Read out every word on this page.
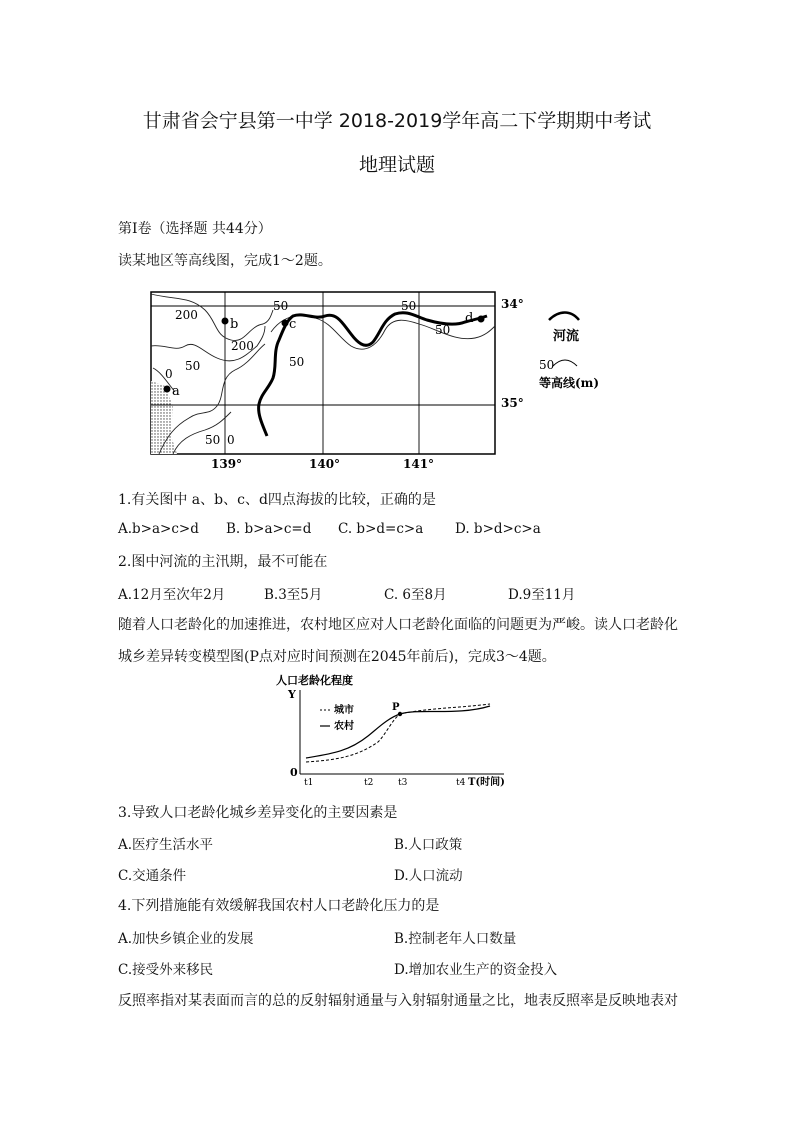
甘肃省会宁县第一中学 2018-2019学年高二下学期期中考试
地理试题
第Ⅰ卷（选择题 共44分）
读某地区等高线图，完成1～2题。
a
b	c	d
200
200
50
50
50
50
50
50
0
0
34°
35°
139°	140°	141°
河流
50
等高线(m)
1.有关图中 a、b、c、d四点海拔的比较，正确的是
A.b>a>c>d B. b>a>c=d C. b>d=c>a D. b>d>c>a
2.图中河流的主汛期，最不可能在
A.12月至次年2月	B.3至5月	C. 6至8月	D.9至11月
随着人口老龄化的加速推进，农村地区应对人口老龄化面临的问题更为严峻。读人口老龄化
城乡差异转变模型图(P点对应时间预测在2045年前后)，完成3～4题。
人口老龄化程度
Y
0
P
城市
农村
t1	t2	t3	t4 T(时间)
3.导致人口老龄化城乡差异变化的主要因素是
A.医疗生活水平	B.人口政策
C.交通条件	D.人口流动
4.下列措施能有效缓解我国农村人口老龄化压力的是
A.加快乡镇企业的发展	B.控制老年人口数量
C.接受外来移民	D.增加农业生产的资金投入
反照率指对某表面而言的总的反射辐射通量与入射辐射通量之比，地表反照率是反映地表对
